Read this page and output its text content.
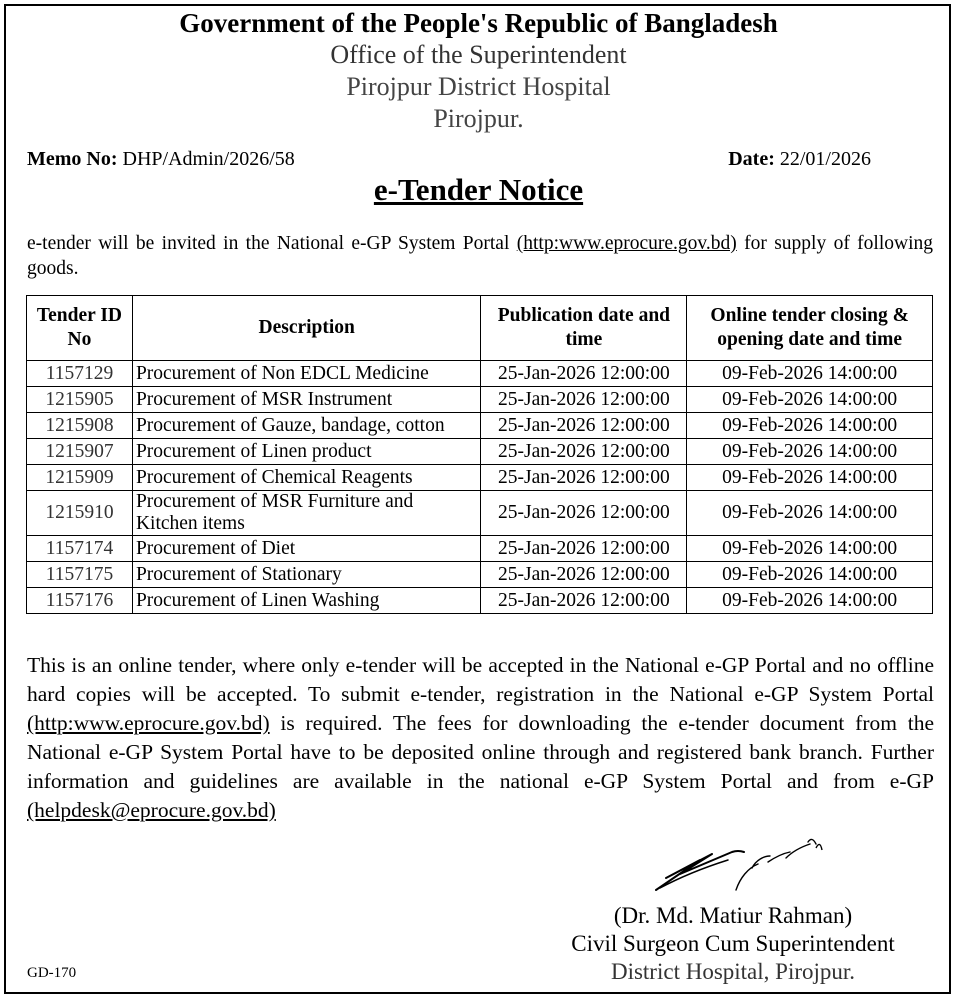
Government of the People's Republic of Bangladesh
Office of the Superintendent
Pirojpur District Hospital
Pirojpur.
Memo No: DHP/Admin/2026/58	Date: 22/01/2026
e-Tender Notice
e-tender will be invited in the National e-GP System Portal (http:www.eprocure.gov.bd) for supply of following goods.
Tender ID No	Description	Publication date and time	Online tender closing & opening date and time
1157129	Procurement of Non EDCL Medicine	25-Jan-2026 12:00:00	09-Feb-2026 14:00:00
1215905	Procurement of MSR Instrument	25-Jan-2026 12:00:00	09-Feb-2026 14:00:00
1215908	Procurement of Gauze, bandage, cotton	25-Jan-2026 12:00:00	09-Feb-2026 14:00:00
1215907	Procurement of Linen product	25-Jan-2026 12:00:00	09-Feb-2026 14:00:00
1215909	Procurement of Chemical Reagents	25-Jan-2026 12:00:00	09-Feb-2026 14:00:00
1215910	Procurement of MSR Furniture and Kitchen items	25-Jan-2026 12:00:00	09-Feb-2026 14:00:00
1157174	Procurement of Diet	25-Jan-2026 12:00:00	09-Feb-2026 14:00:00
1157175	Procurement of Stationary	25-Jan-2026 12:00:00	09-Feb-2026 14:00:00
1157176	Procurement of Linen Washing	25-Jan-2026 12:00:00	09-Feb-2026 14:00:00
This is an online tender, where only e-tender will be accepted in the National e-GP Portal and no offline hard copies will be accepted. To submit e-tender, registration in the National e-GP System Portal (http:www.eprocure.gov.bd) is required. The fees for downloading the e-tender document from the National e-GP System Portal have to be deposited online through and registered bank branch. Further information and guidelines are available in the national e-GP System Portal and from e-GP (helpdesk@eprocure.gov.bd)
(Dr. Md. Matiur Rahman)
Civil Surgeon Cum Superintendent
District Hospital, Pirojpur.
GD-170
